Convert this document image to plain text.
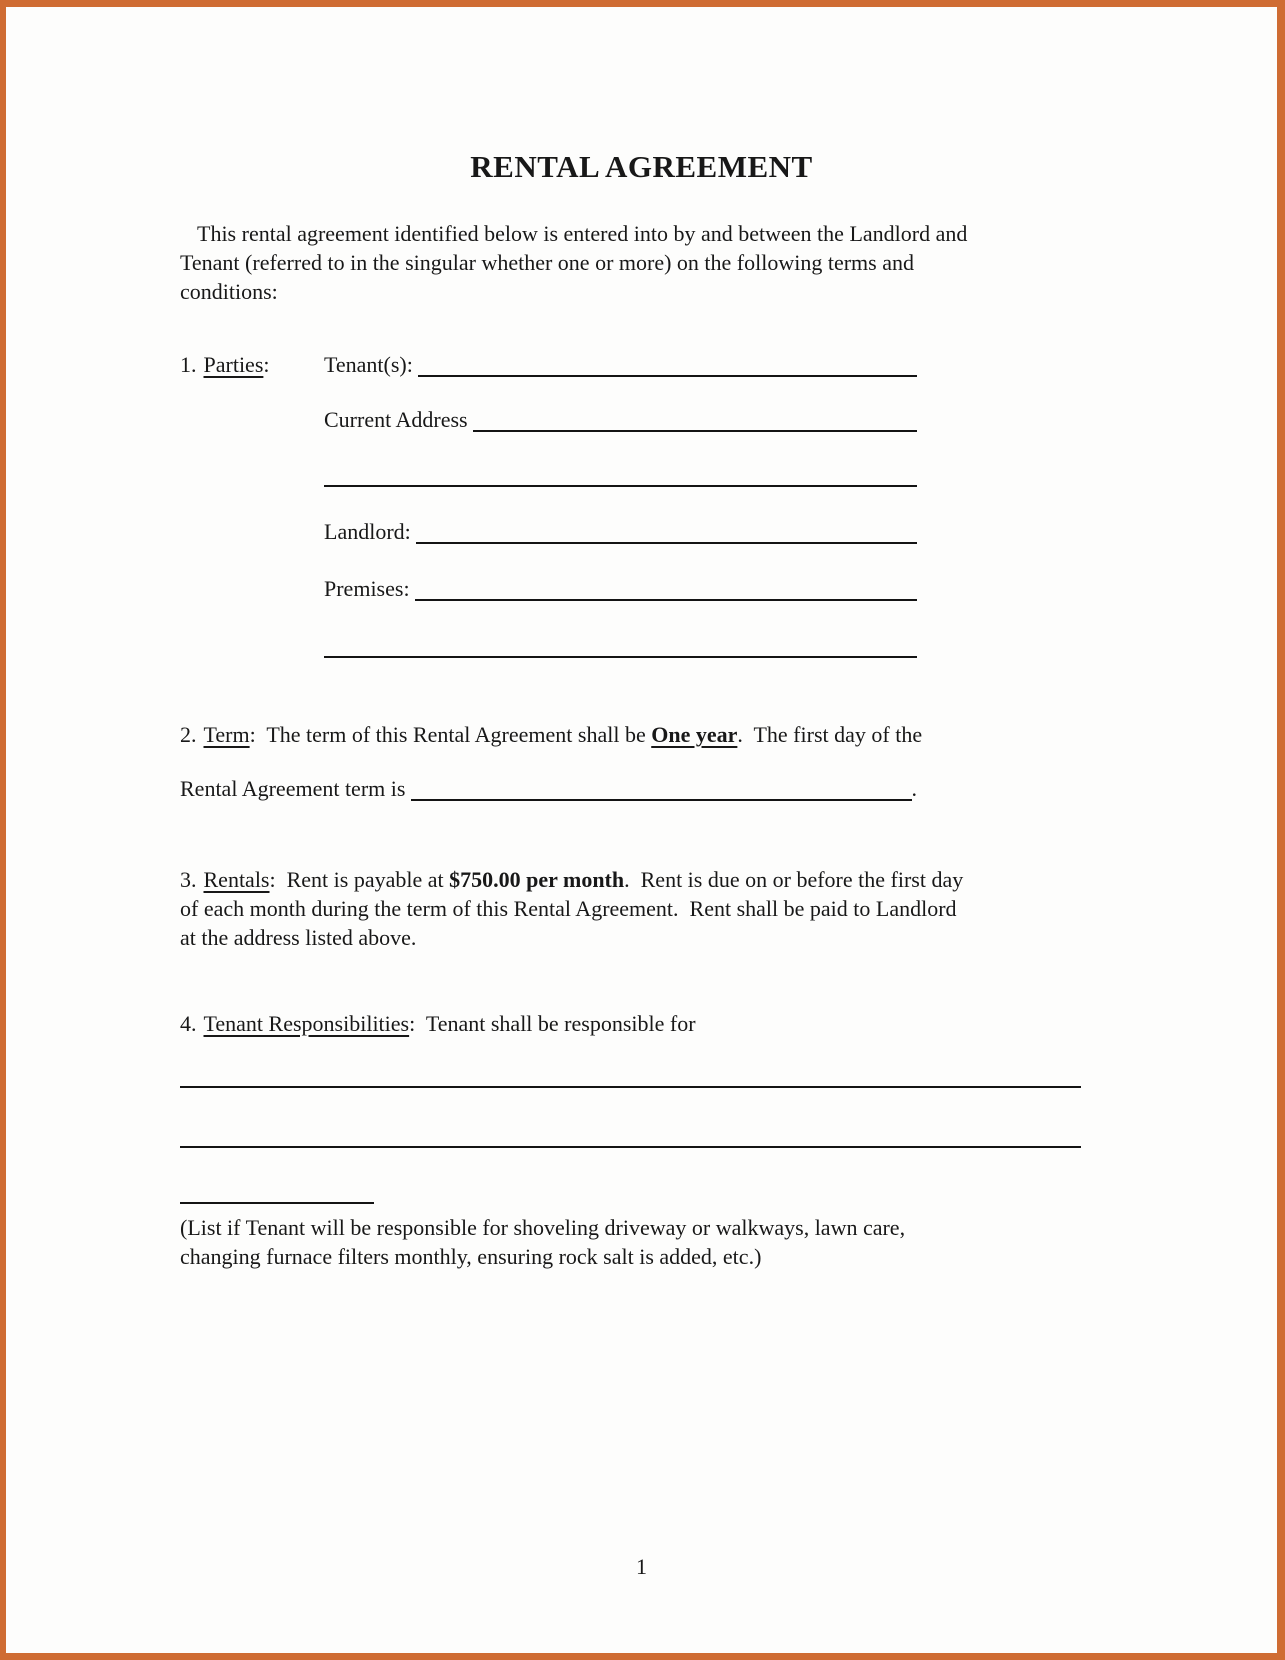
RENTAL AGREEMENT
This rental agreement identified below is entered into by and between the Landlord and
Tenant (referred to in the singular whether one or more) on the following terms and
conditions:
1. Parties:	Tenant(s):
Current Address
Landlord:
Premises:
2. Term:  The term of this Rental Agreement shall be One year.  The first day of the
Rental Agreement term is	.
3. Rentals:  Rent is payable at $750.00 per month.  Rent is due on or before the first day
of each month during the term of this Rental Agreement.  Rent shall be paid to Landlord
at the address listed above.
4. Tenant Responsibilities:  Tenant shall be responsible for
(List if Tenant will be responsible for shoveling driveway or walkways, lawn care,
changing furnace filters monthly, ensuring rock salt is added, etc.)
1
